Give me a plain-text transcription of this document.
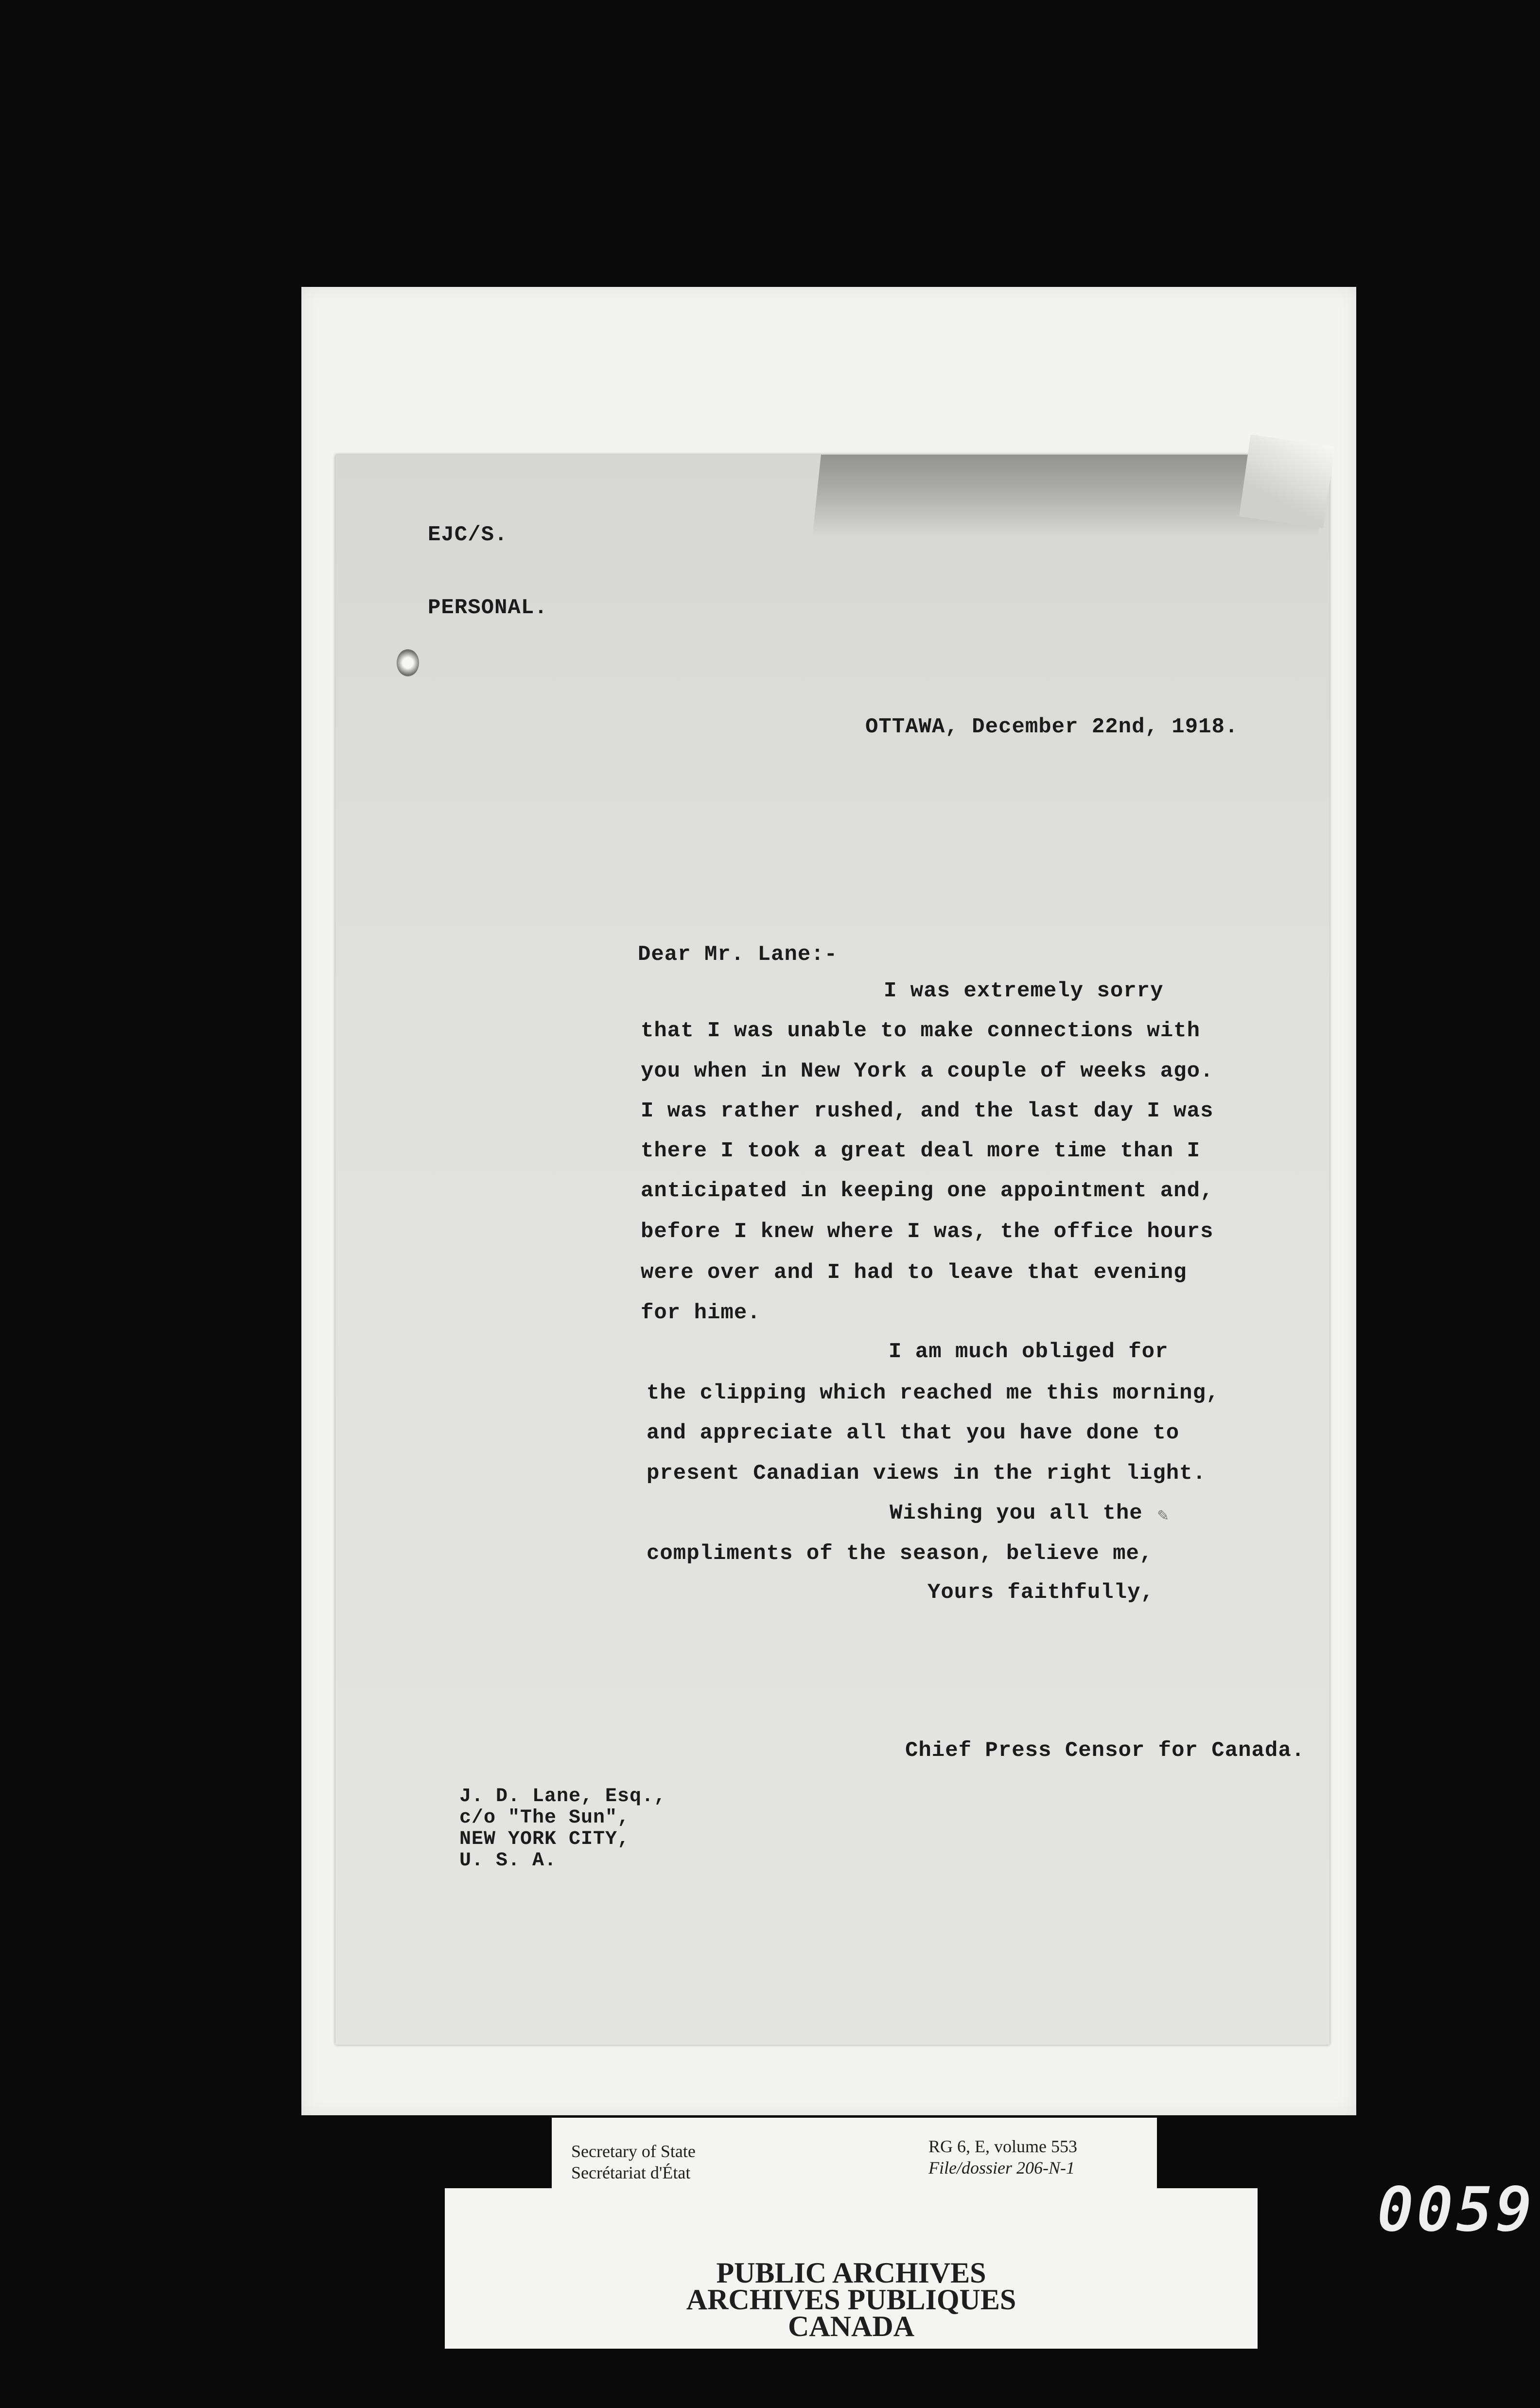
EJC/S.
PERSONAL.
OTTAWA, December 22nd, 1918.
Dear Mr. Lane:-
I was extremely sorry
that I was unable to make connections with
you when in New York a couple of weeks ago.
I was rather rushed, and the last day I was
there I took a great deal more time than I
anticipated in keeping one appointment and,
before I knew where I was, the office hours
were over and I had to leave that evening
for hime.
I am much obliged for
the clipping which reached me this morning,
and appreciate all that you have done to
present Canadian views in the right light.
Wishing you all the
compliments of the season, believe me,
✎
Yours faithfully,
Chief Press Censor for Canada.
J. D. Lane, Esq.,
c/o "The Sun",
NEW YORK CITY,
U. S. A.
PUBLIC ARCHIVES
ARCHIVES PUBLIQUES
CANADA
Secretary of State
Secrétariat d'État
RG 6, E, volume 553
File/dossier 206-N-1
0059
